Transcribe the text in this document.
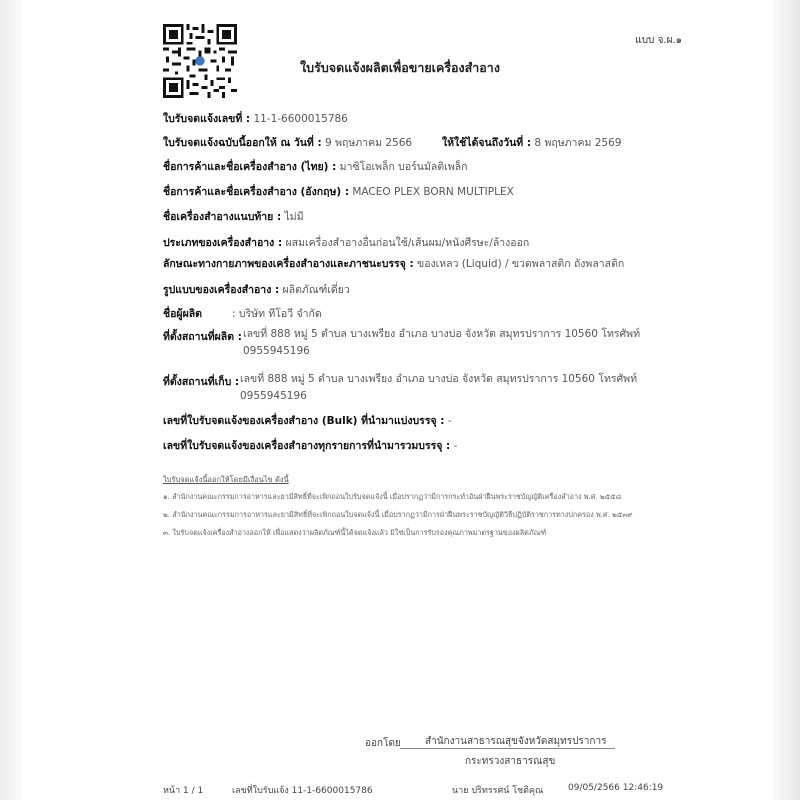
แบบ จ.ผ.๑
ใบรับจดแจ้งผลิตเพื่อขายเครื่องสำอาง
ใบรับจดแจ้งเลขที่ : 11-1-6600015786
ใบรับจดแจ้งฉบับนี้ออกให้ ณ วันที่ : 9 พฤษภาคม 2566	ให้ใช้ได้จนถึงวันที่ : 8 พฤษภาคม 2569
ชื่อการค้าและชื่อเครื่องสำอาง (ไทย) : มาซิโอเพล็ก บอร์นมัลติเพล็ก
ชื่อการค้าและชื่อเครื่องสำอาง (อังกฤษ) : MACEO PLEX BORN MULTIPLEX
ชื่อเครื่องสำอางแนบท้าย : ไม่มี
ประเภทของเครื่องสำอาง : ผสมเครื่องสำอางอื่นก่อนใช้/เส้นผม/หนังศีรษะ/ล้างออก
ลักษณะทางกายภาพของเครื่องสำอางและภาชนะบรรจุ : ของเหลว (Liquid) / ขวดพลาสติก ถังพลาสติก
รูปแบบของเครื่องสำอาง : ผลิตภัณฑ์เดี่ยว
ชื่อผู้ผลิต	: บริษัท ทีโอวี จำกัด
ที่ตั้งสถานที่ผลิต : เลขที่ 888 หมู่ 5 ตำบล บางเพรียง อำเภอ บางบ่อ จังหวัด สมุทรปราการ 10560 โทรศัพท์
0955945196
ที่ตั้งสถานที่เก็บ : เลขที่ 888 หมู่ 5 ตำบล บางเพรียง อำเภอ บางบ่อ จังหวัด สมุทรปราการ 10560 โทรศัพท์
0955945196
เลขที่ใบรับจดแจ้งของเครื่องสำอาง (Bulk) ที่นำมาแบ่งบรรจุ : -
เลขที่ใบรับจดแจ้งของเครื่องสำอางทุกรายการที่นำมารวมบรรจุ : -
ใบรับจดแจ้งนี้ออกให้โดยมีเงื่อนไข ดังนี้
๑. สำนักงานคณะกรรมการอาหารและยามีสิทธิ์ที่จะเพิกถอนใบรับจดแจ้งนี้ เมื่อปรากฏว่ามีการกระทำอันฝ่าฝืนพระราชบัญญัติเครื่องสำอาง พ.ศ. ๒๕๕๘
๒. สำนักงานคณะกรรมการอาหารและยามีสิทธิ์ที่จะเพิกถอนใบจดแจ้งนี้ เมื่อปรากฏว่ามีการฝ่าฝืนพระราชบัญญัติวิธีปฏิบัติราชการทางปกครอง พ.ศ. ๒๕๓๙
๓. ใบรับจดแจ้งเครื่องสำอางออกให้ เพื่อแสดงว่าผลิตภัณฑ์นี้ได้จดแจ้งแล้ว มิใช่เป็นการรับรองคุณภาพมาตรฐานของผลิตภัณฑ์
ออกโดย สำนักงานสาธารณสุขจังหวัดสมุทรปราการ
กระทรวงสาธารณสุข
หน้า 1 / 1	เลขที่ใบรับแจ้ง 11-1-6600015786	นาย ปริทรรศน์ โชติคุณ	09/05/2566 12:46:19
